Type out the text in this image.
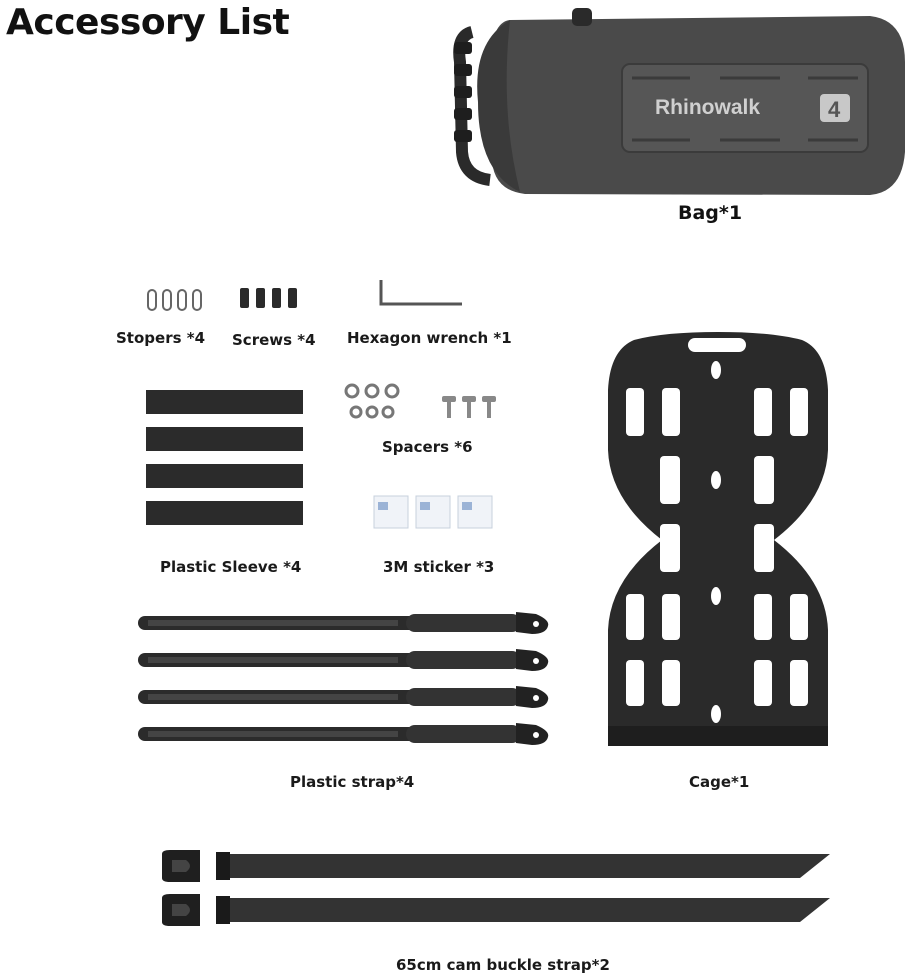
Accessory List
Rhinowalk	4
Bag*1
Stopers *4 Screws *4 Hexagon wrench *1
Plastic Sleeve *4
Spacers *6
3M sticker *3
Plastic strap*4	Cage*1
65cm cam buckle strap*2
